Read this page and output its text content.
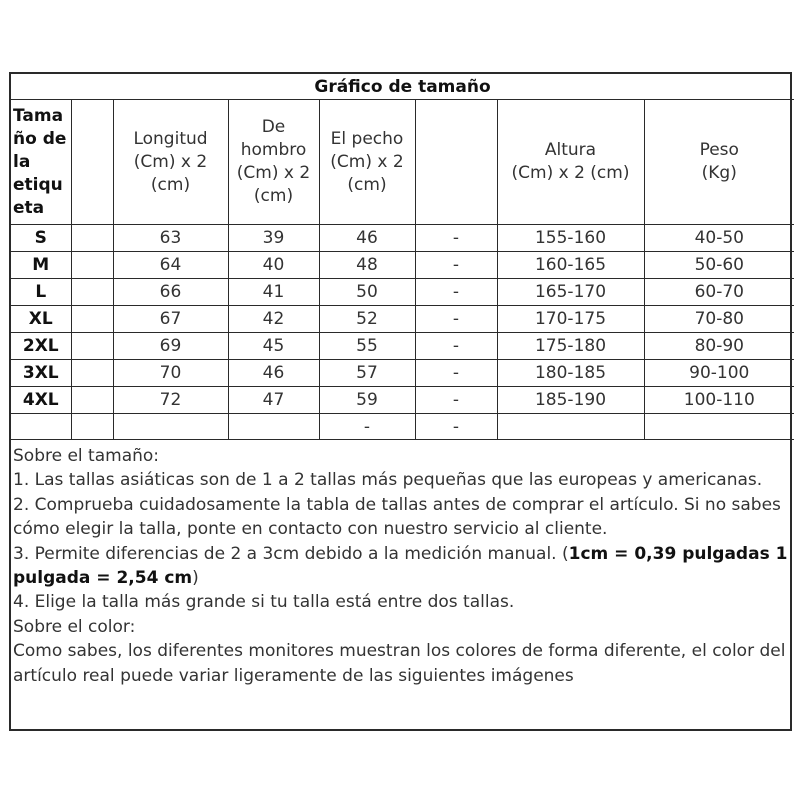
Gráfico de tamaño							
Tama
ño de
la
etiqu
eta		Longitud
(Cm) x 2
(cm)	De
hombro
(Cm) x 2
(cm)	El pecho
(Cm) x 2
(cm)		Altura
(Cm) x 2 (cm)	Peso
(Kg)
S		63	39	46	-	155-160	40-50
M		64	40	48	-	160-165	50-60
L		66	41	50	-	165-170	60-70
XL		67	42	52	-	170-175	70-80
2XL		69	45	55	-	175-180	80-90
3XL		70	46	57	-	180-185	90-100
4XL		72	47	59	-	185-190	100-110
				-	-		

Sobre el tamaño:

1. Las tallas asiáticas son de 1 a 2 tallas más pequeñas que las europeas y americanas.

2. Comprueba cuidadosamente la tabla de tallas antes de comprar el artículo. Si no sabes cómo elegir la talla, ponte en contacto con nuestro servicio al cliente.

3. Permite diferencias de 2 a 3cm debido a la medición manual. (1cm = 0,39 pulgadas 1 pulgada = 2,54 cm)

4. Elige la talla más grande si tu talla está entre dos tallas.

Sobre el color:

Como sabes, los diferentes monitores muestran los colores de forma diferente, el color del artículo real puede variar ligeramente de las siguientes imágenes
